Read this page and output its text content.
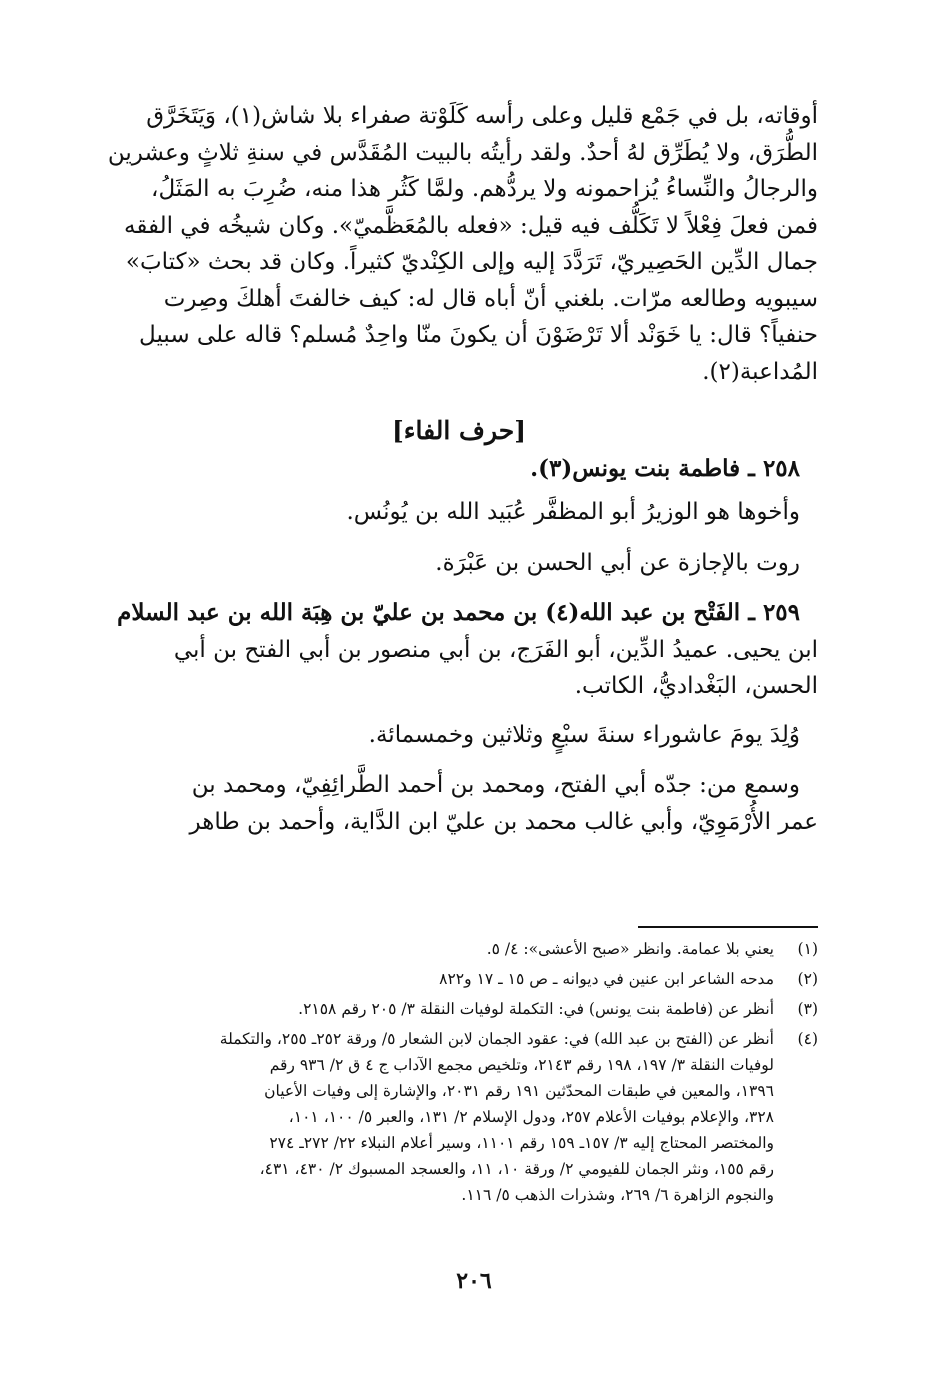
أوقاته، بل في جَمْع قليل وعلى رأسه كَلَوْتة صفراء بلا شاش(١)، وَيَتَخَرَّق
الطُّرَق، ولا يُطَرِّق لهُ أحدٌ. ولقد رأيتُه بالبيت المُقَدَّس في سنةِ ثلاثٍ وعشرين
والرجالُ والنِّساءُ يُزاحمونه ولا يردُّهم. ولمَّا كَثُر هذا منه، ضُرِبَ به المَثَلُ،
فمن فعلَ فِعْلاً لا تَكَلُّف فيه قيل: «فعله بالمُعَظَّميّ». وكان شيخُه في الفقه
جمال الدِّين الحَصِيريّ، تَرَدَّدَ إليه وإلى الكِنْديّ كثيراً. وكان قد بحث «كتابَ»
سيبويه وطالعه مرّات. بلغني أنّ أباه قال له: كيف خالفتَ أهلكَ وصِرت
حنفياً؟ قال: يا خَوَنْد ألا تَرْضَوْنَ أن يكونَ منّا واحِدٌ مُسلم؟ قاله على سبيل
المُداعبة(٢).

[حرف الفاء]
٢٥٨ ـ فاطمة بنت يونس(٣).

وأخوها هو الوزيرُ أبو المظفَّر عُبَيد الله بن يُونُس.

روت بالإجازة عن أبي الحسن بن عَبْرَة.

٢٥٩ ـ الفَتْح بن عبد الله(٤) بن محمد بن عليّ بن هِبَة الله بن عبد السلام
ابن يحيى. عميدُ الدِّين، أبو الفَرَج، بن أبي منصور بن أبي الفتح بن أبي
الحسن، البَغْداديُّ، الكاتب.

وُلِدَ يومَ عاشوراء سنةَ سبْعٍ وثلاثين وخمسمائة.

وسمع من: جدّه أبي الفتح، ومحمد بن أحمد الطَّرائِفِيّ، ومحمد بن
عمر الأُرْمَوِيّ، وأبي غالب محمد بن عليّ ابن الدَّاية، وأحمد بن طاهر

(١)
يعني بلا عمامة. وانظر «صبح الأعشى»: ٤/ ٥.
(٢)
مدحه الشاعر ابن عنين في ديوانه ـ ص ١٥ ـ ١٧ و٨٢٢
(٣)
أنظر عن (فاطمة بنت يونس) في: التكملة لوفيات النقلة ٣/ ٢٠٥ رقم ٢١٥٨.
(٤)
أنظر عن (الفتح بن عبد الله) في: عقود الجمان لابن الشعار ٥/ ورقة ٢٥٢ـ ٢٥٥، والتكملة
لوفيات النقلة ٣/ ١٩٧، ١٩٨ رقم ٢١٤٣، وتلخيص مجمع الآداب ج ٤ ق ٢/ ٩٣٦ رقم
١٣٩٦، والمعين في طبقات المحدّثين ١٩١ رقم ٢٠٣١، والإشارة إلى وفيات الأعيان
٣٢٨، والإعلام بوفيات الأعلام ٢٥٧، ودول الإسلام ٢/ ١٣١، والعبر ٥/ ١٠٠، ١٠١،
والمختصر المحتاج إليه ٣/ ١٥٧ـ ١٥٩ رقم ١١٠١، وسير أعلام النبلاء ٢٢/ ٢٧٢ـ ٢٧٤
رقم ١٥٥، ونثر الجمان للفيومي ٢/ ورقة ١٠، ١١، والعسجد المسبوك ٢/ ٤٣٠، ٤٣١،
والنجوم الزاهرة ٦/ ٢٦٩، وشذرات الذهب ٥/ ١١٦.
٢٠٦
